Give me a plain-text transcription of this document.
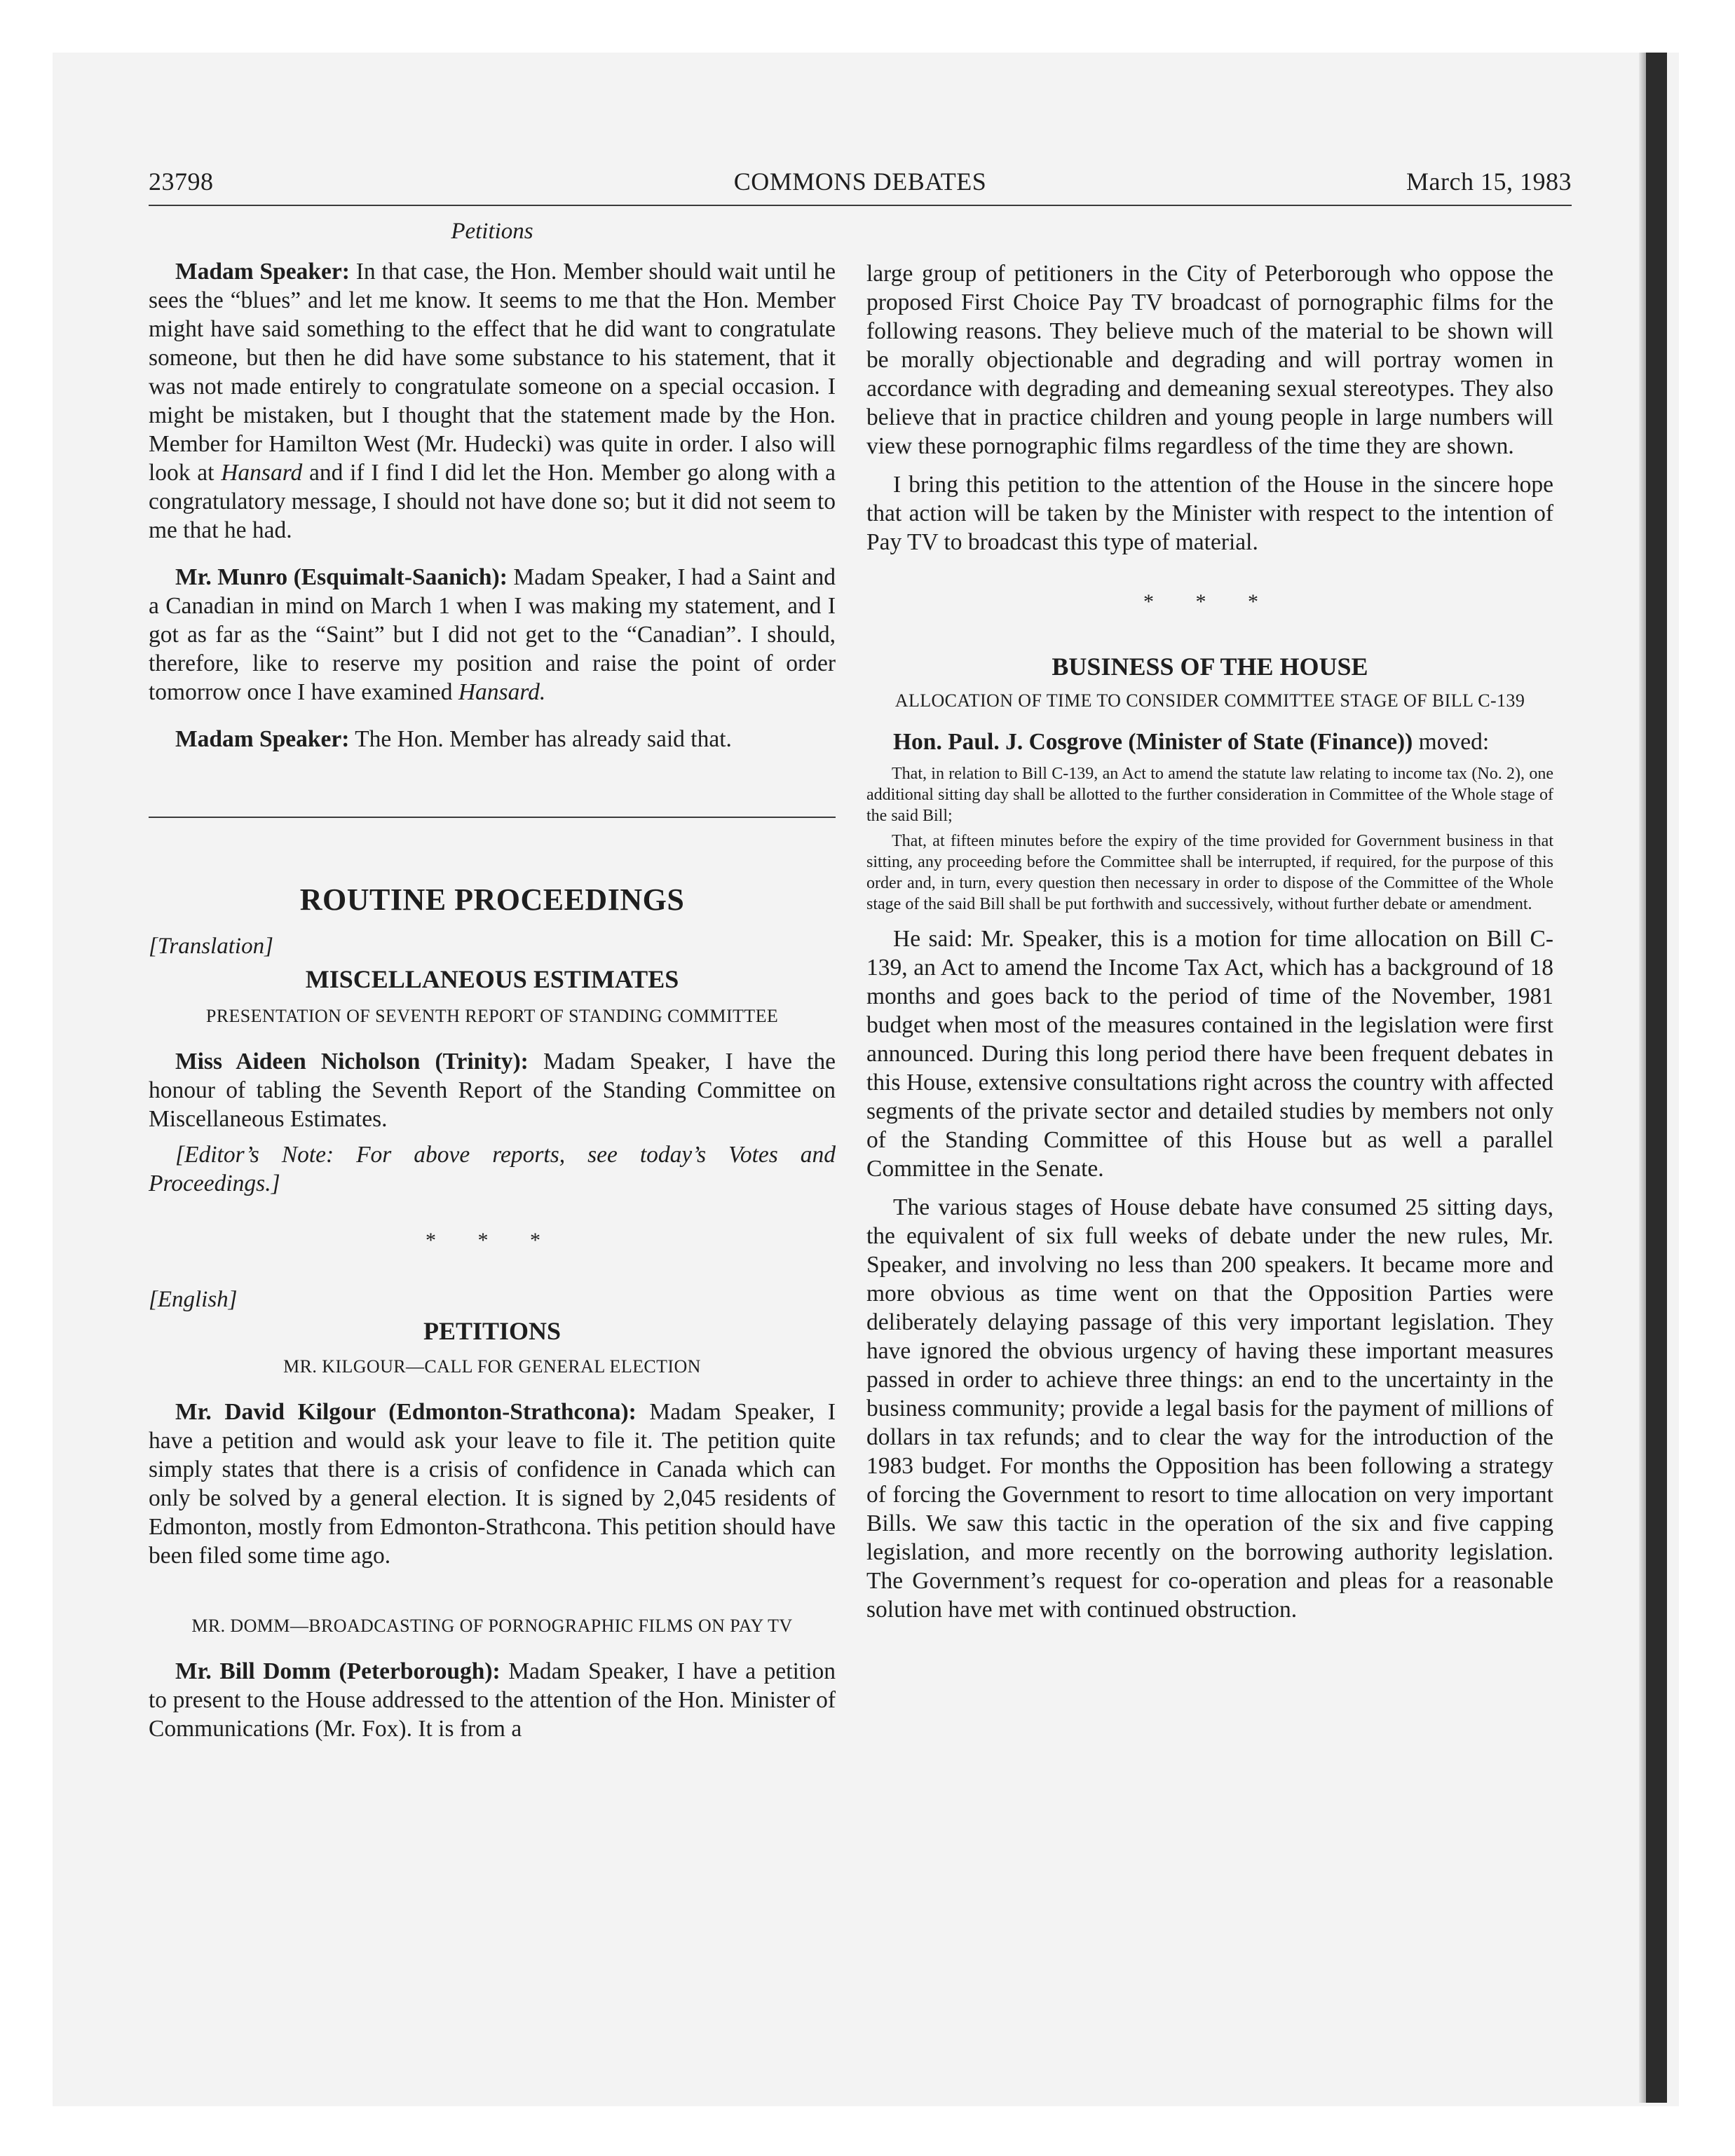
COMMONS DEBATES
23798	March 15, 1983
Petitions

Madam Speaker: In that case, the Hon. Member should wait until he sees the “blues” and let me know. It seems to me that the Hon. Member might have said something to the effect that he did want to congratulate someone, but then he did have some substance to his statement, that it was not made entirely to congratulate someone on a special occasion. I might be mistaken, but I thought that the statement made by the Hon. Member for Hamilton West (Mr. Hudecki) was quite in order. I also will look at Hansard and if I find I did let the Hon. Member go along with a congratulatory message, I should not have done so; but it did not seem to me that he had.

Mr. Munro (Esquimalt-Saanich): Madam Speaker, I had a Saint and a Canadian in mind on March 1 when I was making my statement, and I got as far as the “Saint” but I did not get to the “Canadian”. I should, therefore, like to reserve my position and raise the point of order tomorrow once I have examined Hansard.

Madam Speaker: The Hon. Member has already said that.

ROUTINE PROCEEDINGS
[Translation]
MISCELLANEOUS ESTIMATES
PRESENTATION OF SEVENTH REPORT OF STANDING COMMITTEE

Miss Aideen Nicholson (Trinity): Madam Speaker, I have the honour of tabling the Seventh Report of the Standing Committee on Miscellaneous Estimates.

[Editor’s Note: For above reports, see today’s Votes and Proceedings.]

* * *
[English]
PETITIONS
MR. KILGOUR—CALL FOR GENERAL ELECTION

Mr. David Kilgour (Edmonton-Strathcona): Madam Speaker, I have a petition and would ask your leave to file it. The petition quite simply states that there is a crisis of confidence in Canada which can only be solved by a general election. It is signed by 2,045 residents of Edmonton, mostly from Edmonton-Strathcona. This petition should have been filed some time ago.

MR. DOMM—BROADCASTING OF PORNOGRAPHIC FILMS ON PAY TV

Mr. Bill Domm (Peterborough): Madam Speaker, I have a petition to present to the House addressed to the attention of the Hon. Minister of Communications (Mr. Fox). It is from a

large group of petitioners in the City of Peterborough who oppose the proposed First Choice Pay TV broadcast of pornographic films for the following reasons. They believe much of the material to be shown will be morally objectionable and degrading and will portray women in accordance with degrading and demeaning sexual stereotypes. They also believe that in practice children and young people in large numbers will view these pornographic films regardless of the time they are shown.

I bring this petition to the attention of the House in the sincere hope that action will be taken by the Minister with respect to the intention of Pay TV to broadcast this type of material.

* * *
BUSINESS OF THE HOUSE
ALLOCATION OF TIME TO CONSIDER COMMITTEE STAGE OF BILL C-139

Hon. Paul. J. Cosgrove (Minister of State (Finance)) moved:

That, in relation to Bill C-139, an Act to amend the statute law relating to income tax (No. 2), one additional sitting day shall be allotted to the further consideration in Committee of the Whole stage of the said Bill;

That, at fifteen minutes before the expiry of the time provided for Government business in that sitting, any proceeding before the Committee shall be interrupted, if required, for the purpose of this order and, in turn, every question then necessary in order to dispose of the Committee of the Whole stage of the said Bill shall be put forthwith and successively, without further debate or amendment.

He said: Mr. Speaker, this is a motion for time allocation on Bill C-139, an Act to amend the Income Tax Act, which has a background of 18 months and goes back to the period of time of the November, 1981 budget when most of the measures contained in the legislation were first announced. During this long period there have been frequent debates in this House, extensive consultations right across the country with affected segments of the private sector and detailed studies by members not only of the Standing Committee of this House but as well a parallel Committee in the Senate.

The various stages of House debate have consumed 25 sitting days, the equivalent of six full weeks of debate under the new rules, Mr. Speaker, and involving no less than 200 speakers. It became more and more obvious as time went on that the Opposition Parties were deliberately delaying passage of this very important legislation. They have ignored the obvious urgency of having these important measures passed in order to achieve three things: an end to the uncertainty in the business community; provide a legal basis for the payment of millions of dollars in tax refunds; and to clear the way for the introduction of the 1983 budget. For months the Opposition has been following a strategy of forcing the Government to resort to time allocation on very important Bills. We saw this tactic in the operation of the six and five capping legislation, and more recently on the borrowing authority legislation. The Government’s request for co-operation and pleas for a reasonable solution have met with continued obstruction.
